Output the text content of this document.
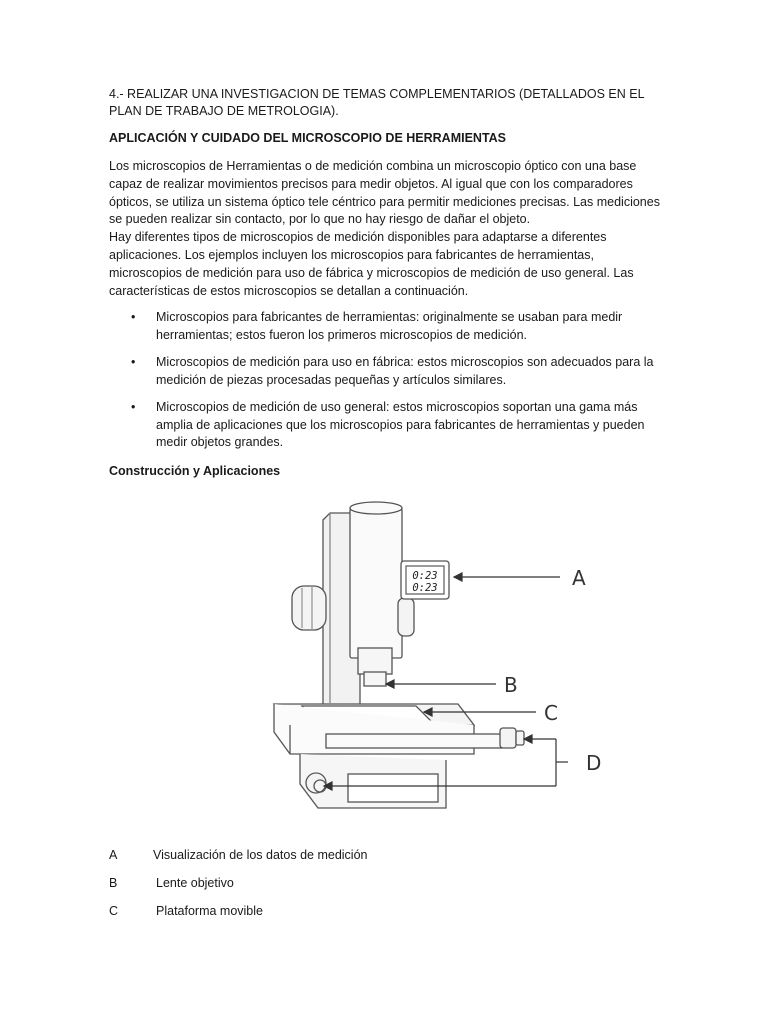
4.- REALIZAR UNA INVESTIGACION DE TEMAS COMPLEMENTARIOS (DETALLADOS EN EL PLAN DE TRABAJO DE METROLOGIA).

APLICACIÓN Y CUIDADO DEL MICROSCOPIO DE HERRAMIENTAS

Los microscopios de Herramientas o de medición combina un microscopio óptico con una base capaz de realizar movimientos precisos para medir objetos. Al igual que con los comparadores ópticos, se utiliza un sistema óptico tele céntrico para permitir mediciones precisas. Las mediciones se pueden realizar sin contacto, por lo que no hay riesgo de dañar el objeto.

Hay diferentes tipos de microscopios de medición disponibles para adaptarse a diferentes aplicaciones. Los ejemplos incluyen los microscopios para fabricantes de herramientas, microscopios de medición para uso de fábrica y microscopios de medición de uso general. Las características de estos microscopios se detallan a continuación.

• Microscopios para fabricantes de herramientas: originalmente se usaban para medir herramientas; estos fueron los primeros microscopios de medición.
• Microscopios de medición para uso en fábrica: estos microscopios son adecuados para la medición de piezas procesadas pequeñas y artículos similares.
• Microscopios de medición de uso general: estos microscopios soportan una gama más amplia de aplicaciones que los microscopios para fabricantes de herramientas y pueden medir objetos grandes.

Construcción y Aplicaciones

0:23
0:23	A
B
C
D
A	Visualización de los datos de medición
B	Lente objetivo
C	Plataforma movible
